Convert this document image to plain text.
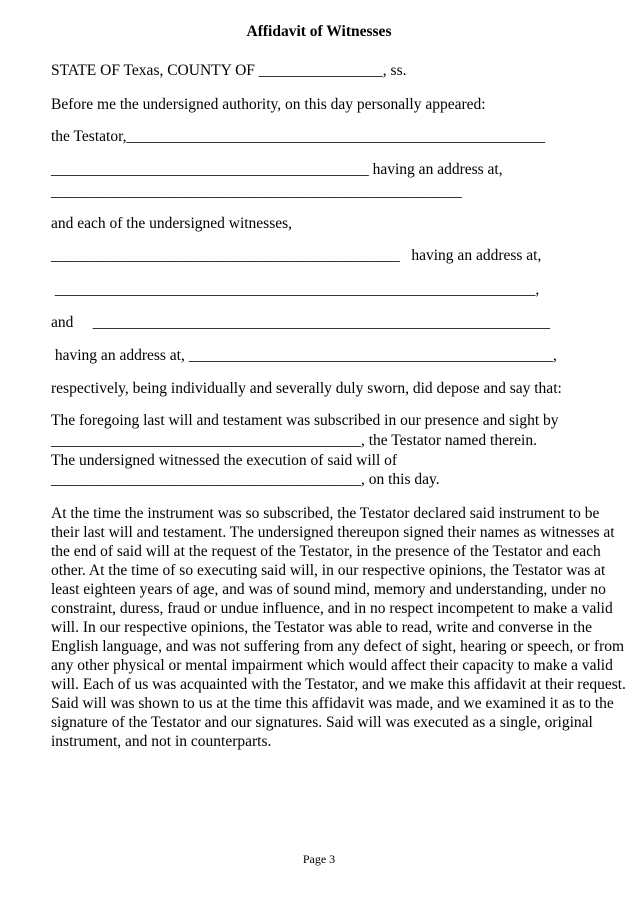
Affidavit of Witnesses

STATE OF Texas, COUNTY OF ________________, ss.

Before me the undersigned authority, on this day personally appeared:

the Testator,______________________________________________________

_________________________________________ having an address at,

_____________________________________________________

and each of the undersigned witnesses,

_____________________________________________   having an address at,

______________________________________________________________,

and     ___________________________________________________________

having an address at, _______________________________________________,

respectively, being individually and severally duly sworn, did depose and say that:

The foregoing last will and testament was subscribed in our presence and sight by

________________________________________, the Testator named therein.

The undersigned witnessed the execution of said will of

________________________________________, on this day.

At the time the instrument was so subscribed, the Testator declared said instrument to be their last will and testament. The undersigned thereupon signed their names as witnesses at the end of said will at the request of the Testator, in the presence of the Testator and each other. At the time of so executing said will, in our respective opinions, the Testator was at least eighteen years of age, and was of sound mind, memory and understanding, under no constraint, duress, fraud or undue influence, and in no respect incompetent to make a valid will. In our respective opinions, the Testator was able to read, write and converse in the English language, and was not suffering from any defect of sight, hearing or speech, or from any other physical or mental impairment which would affect their capacity to make a valid will. Each of us was acquainted with the Testator, and we make this affidavit at their request. Said will was shown to us at the time this affidavit was made, and we examined it as to the signature of the Testator and our signatures. Said will was executed as a single, original instrument, and not in counterparts.

Page 3
